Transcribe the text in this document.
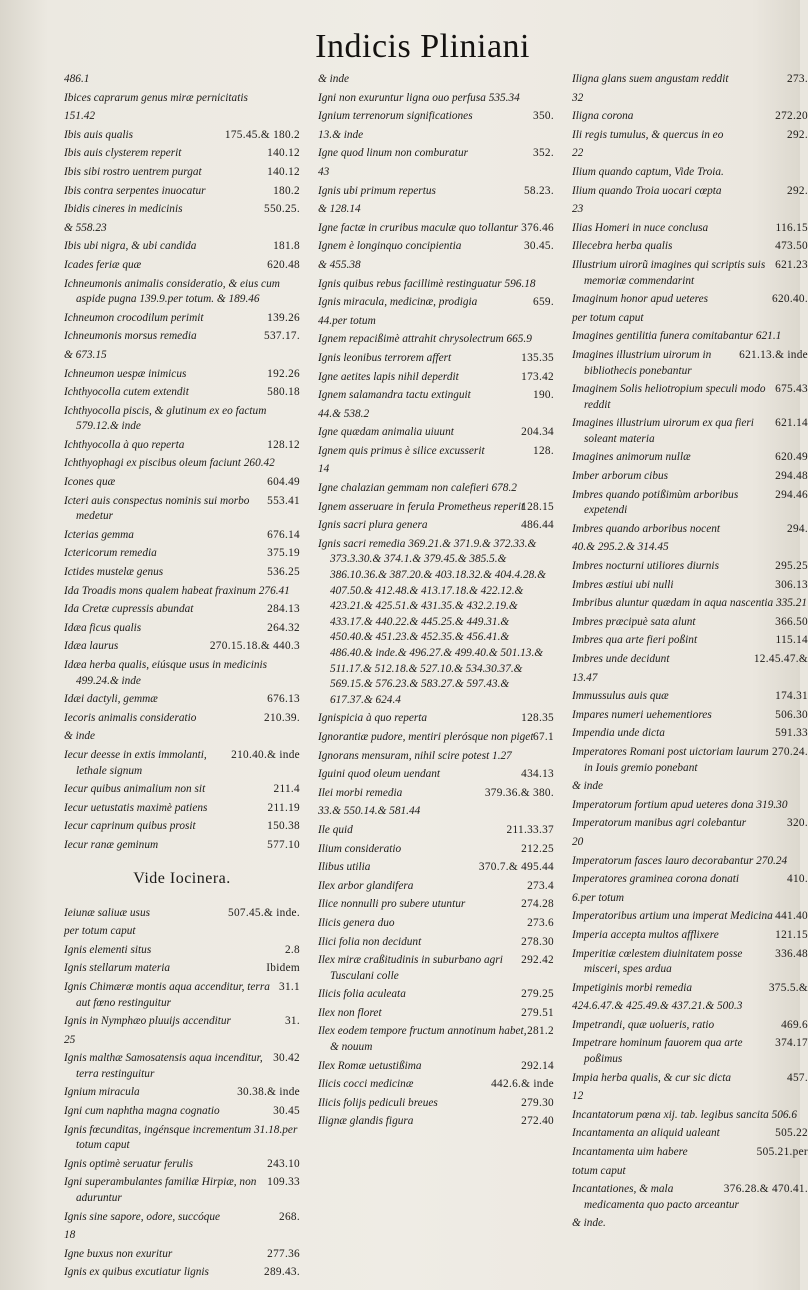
Indicis Pliniani
486.1
Ibices caprarum genus miræ pernicitatis
151.42
175.45.& 180.2
Ibis auis qualis
140.12
Ibis auis clysterem reperit
140.12
Ibis sibi rostro uentrem purgat
180.2
Ibis contra serpentes inuocatur
550.25.
Ibidis cineres in medicinis
& 558.23
181.8
Ibis ubi nigra, & ubi candida
620.48
Icades feriæ quæ
Ichneumonis animalis consideratio, & eius cum aspide pugna 139.9.per totum. & 189.46
139.26
Ichneumon crocodilum perimit
537.17.
Ichneumonis morsus remedia
& 673.15
192.26
Ichneumon uespæ inimicus
580.18
Ichthyocolla cutem extendit
Ichthyocolla piscis, & glutinum ex eo factum 579.12.& inde
128.12
Ichthyocolla à quo reperta
Ichthyophagi ex piscibus oleum faciunt 260.42
604.49
Icones quæ
553.41
Icteri auis conspectus nominis sui morbo medetur
676.14
Icterias gemma
375.19
Ictericorum remedia
536.25
Ictides mustelæ genus
Ida Troadis mons qualem habeat fraxinum 276.41
284.13
Ida Cretæ cupressis abundat
264.32
Idæa ficus qualis
270.15.18.& 440.3
Idæa laurus
Idæa herba qualis, eiúsque usus in medicinis 499.24.& inde
676.13
Idæi dactyli, gemmæ
210.39.
Iecoris animalis consideratio
& inde
210.40.& inde
Iecur deesse in extis immolanti, lethale signum
211.4
Iecur quibus animalium non sit
211.19
Iecur uetustatis maximè patiens
150.38
Iecur caprinum quibus prosit
577.10
Iecur ranæ geminum
Vide Iocinera.
507.45.& inde.
Ieiunæ saliuæ usus
per totum caput
2.8
Ignis elementi situs
Ibidem
Ignis stellarum materia
31.1
Ignis Chimæræ montis aqua accenditur, terra aut fœno restinguitur
31.
Ignis in Nymphæo pluuijs accenditur
25
30.42
Ignis malthæ Samosatensis aqua incenditur, terra restinguitur
30.38.& inde
Ignium miracula
30.45
Igni cum naphtha magna cognatio
Ignis fœcunditas, ingénsque incrementum 31.18.per totum caput
243.10
Ignis optimè seruatur ferulis
109.33
Igni superambulantes familiæ Hirpiæ, non aduruntur
268.
Ignis sine sapore, odore, succóque
18
277.36
Igne buxus non exuritur
289.43.
Ignis ex quibus excutiatur lignis
& inde
Igni non exuruntur ligna ouo perfusa 535.34
350.
Ignium terrenorum significationes
13.& inde
352.
Igne quod linum non comburatur
43
58.23.
Ignis ubi primum repertus
& 128.14
376.46
Igne factæ in cruribus maculæ quo tollantur
30.45.
Ignem è longinquo concipientia
& 455.38
Ignis quibus rebus facillimè restinguatur 596.18
659.
Ignis miracula, medicinæ, prodigia
44.per totum
Ignem repacißimè attrahit chrysolectrum 665.9
135.35
Ignis leonibus terrorem affert
173.42
Igne aetites lapis nihil deperdit
190.
Ignem salamandra tactu extinguit
44.& 538.2
204.34
Igne quædam animalia uiuunt
128.
Ignem quis primus è silice excusserit
14
Igne chalazian gemmam non calefieri 678.2
128.15
Ignem asseruare in ferula Prometheus reperit
486.44
Ignis sacri plura genera
Ignis sacri remedia 369.21.& 371.9.& 372.33.& 373.3.30.& 374.1.& 379.45.& 385.5.& 386.10.36.& 387.20.& 403.18.32.& 404.4.28.& 407.50.& 412.48.& 413.17.18.& 422.12.& 423.21.& 425.51.& 431.35.& 432.2.19.& 433.17.& 440.22.& 445.25.& 449.31.& 450.40.& 451.23.& 452.35.& 456.41.& 486.40.& inde.& 496.27.& 499.40.& 501.13.& 511.17.& 512.18.& 527.10.& 534.30.37.& 569.15.& 576.23.& 583.27.& 597.43.& 617.37.& 624.4
128.35
Ignispicia à quo reperta
67.1
Ignorantiæ pudore, mentiri plerósque non piget
Ignorans mensuram, nihil scire potest 1.27
434.13
Iguini quod oleum uendant
379.36.& 380.
Ilei morbi remedia
33.& 550.14.& 581.44
211.33.37
Ile quid
212.25
Ilium consideratio
370.7.& 495.44
Ilibus utilia
273.4
Ilex arbor glandifera
274.28
Ilice nonnulli pro subere utuntur
273.6
Ilicis genera duo
278.30
Ilici folia non decidunt
292.42
Ilex miræ craßitudinis in suburbano agri Tusculani colle
279.25
Ilicis folia aculeata
279.51
Ilex non floret
281.2
Ilex eodem tempore fructum annotinum habet, & nouum
292.14
Ilex Romæ uetustißima
442.6.& inde
Ilicis cocci medicinæ
279.30
Ilicis folijs pediculi breues
272.40
Ilignæ glandis figura
273.
Iligna glans suem angustam reddit
32
272.20
Iligna corona
292.
Ili regis tumulus, & quercus in eo
22
Ilium quando captum, Vide Troia.
292.
Ilium quando Troia uocari cœpta
23
116.15
Ilias Homeri in nuce conclusa
473.50
Illecebra herba qualis
621.23
Illustrium uirorũ imagines qui scriptis suis memoriæ commendarint
620.40.
Imaginum honor apud ueteres
per totum caput
Imagines gentilitia funera comitabantur 621.1
621.13.& inde
Imagines illustrium uirorum in bibliothecis ponebantur
675.43
Imaginem Solis heliotropium speculi modo reddit
621.14
Imagines illustrium uirorum ex qua fieri soleant materia
620.49
Imagines animorum nullæ
294.48
Imber arborum cibus
294.46
Imbres quando potißimùm arboribus expetendi
294.
Imbres quando arboribus nocent
40.& 295.2.& 314.45
295.25
Imbres nocturni utiliores diurnis
306.13
Imbres æstiui ubi nulli
Imbribus aluntur quædam in aqua nascentia 335.21
366.50
Imbres præcipuè sata alunt
115.14
Imbres qua arte fieri poßint
12.45.47.&
Imbres unde decidunt
13.47
174.31
Immussulus auis quæ
506.30
Impares numeri uehementiores
591.33
Impendia unde dicta
270.24.
Imperatores Romani post uictoriam laurum in Iouis gremio ponebant
& inde
Imperatorum fortium apud ueteres dona 319.30
320.
Imperatorum manibus agri colebantur
20
Imperatorum fasces lauro decorabantur 270.24
410.
Imperatores graminea corona donati
6.per totum
441.40
Imperatoribus artium una imperat Medicina
121.15
Imperia accepta multos afflixere
336.48
Imperitiæ cœlestem diuinitatem posse misceri, spes ardua
375.5.&
Impetiginis morbi remedia
424.6.47.& 425.49.& 437.21.& 500.3
469.6
Impetrandi, quæ uolueris, ratio
374.17
Impetrare hominum fauorem qua arte poßimus
457.
Impia herba qualis, & cur sic dicta
12
Incantatorum pœna xij. tab. legibus sancita 506.6
505.22
Incantamenta an aliquid ualeant
505.21.per
Incantamenta uim habere
totum caput
376.28.& 470.41.
Incantationes, & mala medicamenta quo pacto arceantur
& inde.
